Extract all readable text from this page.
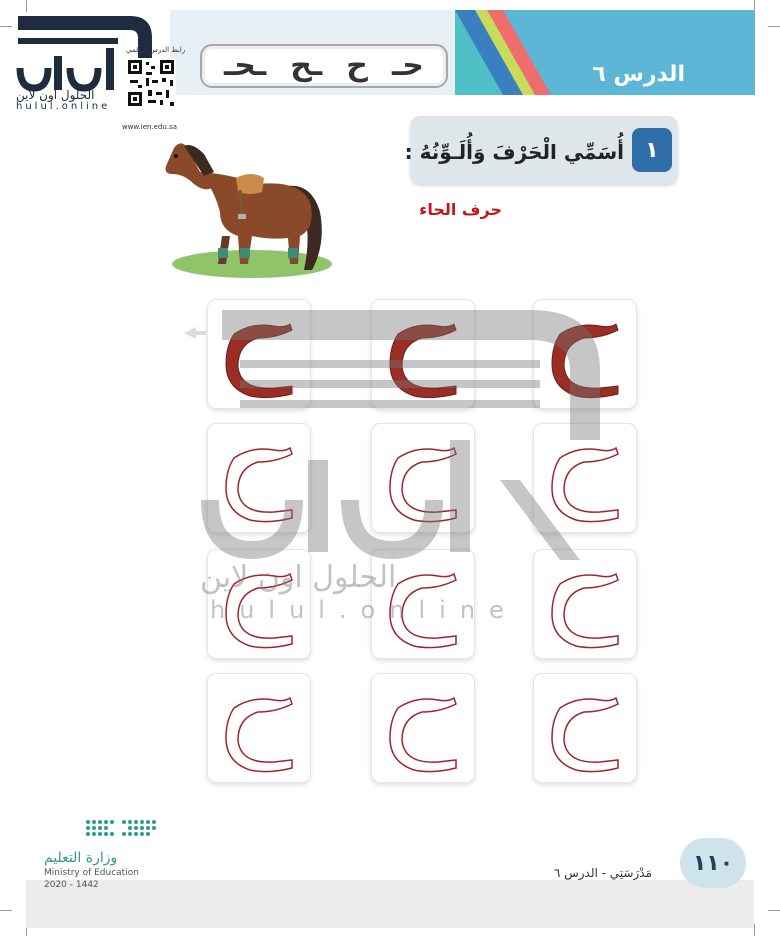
الدرس ٦
ـحـ ـح ح حـ
رابط الدرس الرقمي
www.ien.edu.sa
الحلول اون لاين
hulul.online
١
أُسَمِّي الْحَرْفَ وَأُلَـوِّنُهُ :
حرف الحاء
الحلول اون لاين
hulul.online
وزارة التعليم
Ministry of Education
2020 - 1442
مَدْرَسَتِي - الدرس ٦	١١٠
